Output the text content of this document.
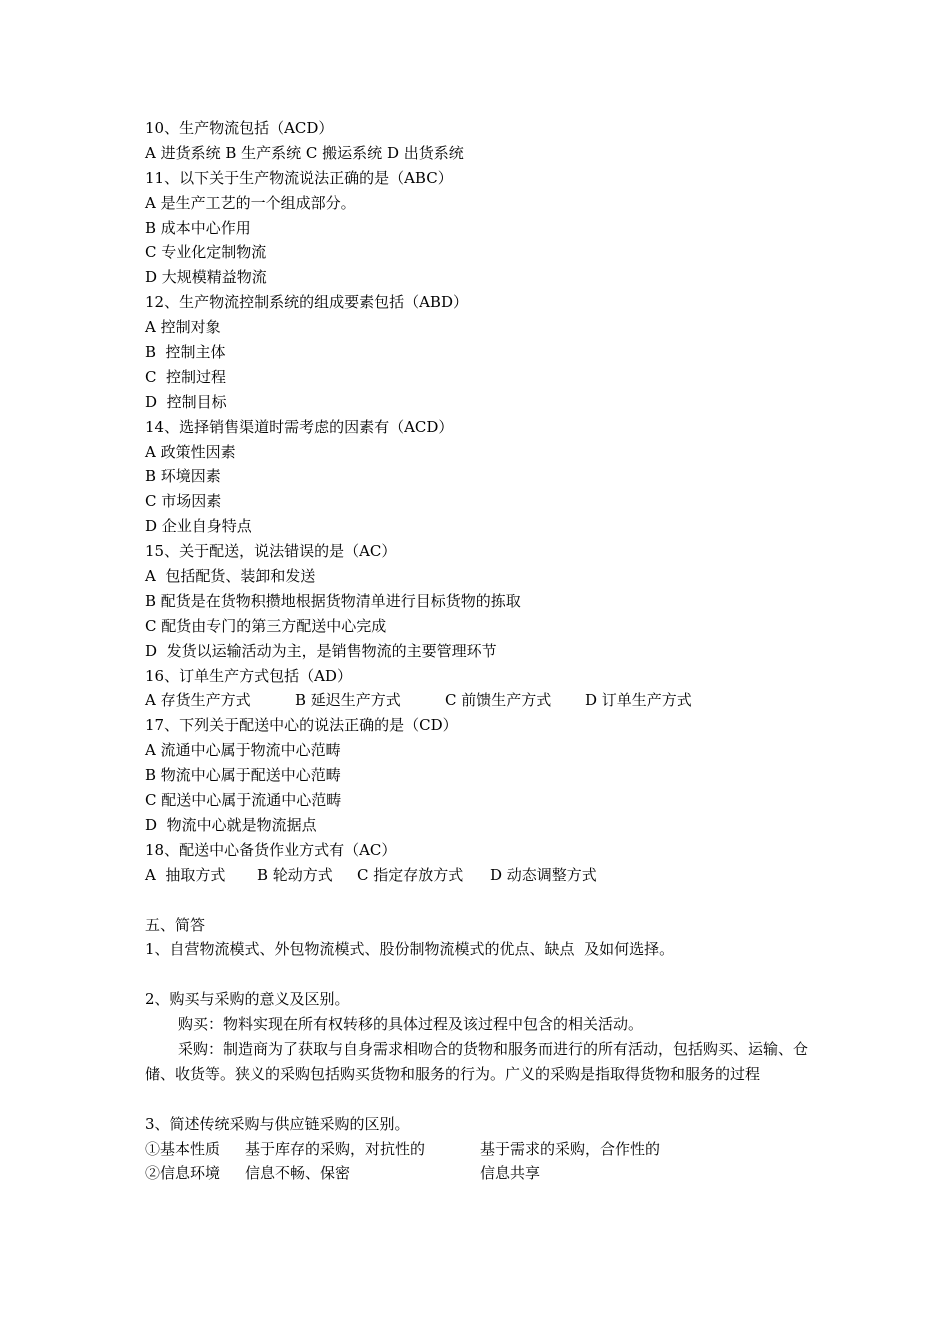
10、生产物流包括（ACD）
A 进货系统 B 生产系统 C 搬运系统 D 出货系统
11、以下关于生产物流说法正确的是（ABC）
A 是生产工艺的一个组成部分。
B 成本中心作用
C 专业化定制物流
D 大规模精益物流
12、生产物流控制系统的组成要素包括（ABD）
A 控制对象
B  控制主体
C  控制过程
D  控制目标
14、选择销售渠道时需考虑的因素有（ACD）
A 政策性因素
B 环境因素
C 市场因素
D 企业自身特点
15、关于配送，说法错误的是（AC）
A  包括配货、装卸和发送
B 配货是在货物积攒地根据货物清单进行目标货物的拣取
C 配货由专门的第三方配送中心完成
D  发货以运输活动为主，是销售物流的主要管理环节
16、订单生产方式包括（AD）
A 存货生产方式	B 延迟生产方式	C 前馈生产方式	D 订单生产方式
17、下列关于配送中心的说法正确的是（CD）
A 流通中心属于物流中心范畴
B 物流中心属于配送中心范畴
C 配送中心属于流通中心范畴
D  物流中心就是物流据点
18、配送中心备货作业方式有（AC）
A  抽取方式	B 轮动方式	C 指定存放方式	D 动态调整方式
五、简答
1、自营物流模式、外包物流模式、股份制物流模式的优点、缺点  及如何选择。
2、购买与采购的意义及区别。
购买：物料实现在所有权转移的具体过程及该过程中包含的相关活动。
采购：制造商为了获取与自身需求相吻合的货物和服务而进行的所有活动，包括购买、运输、仓储、收货等。狭义的采购包括购买货物和服务的行为。广义的采购是指取得货物和服务的过程
3、简述传统采购与供应链采购的区别。
①基本性质	基于库存的采购，对抗性的	基于需求的采购，合作性的
②信息环境	信息不畅、保密	信息共享
